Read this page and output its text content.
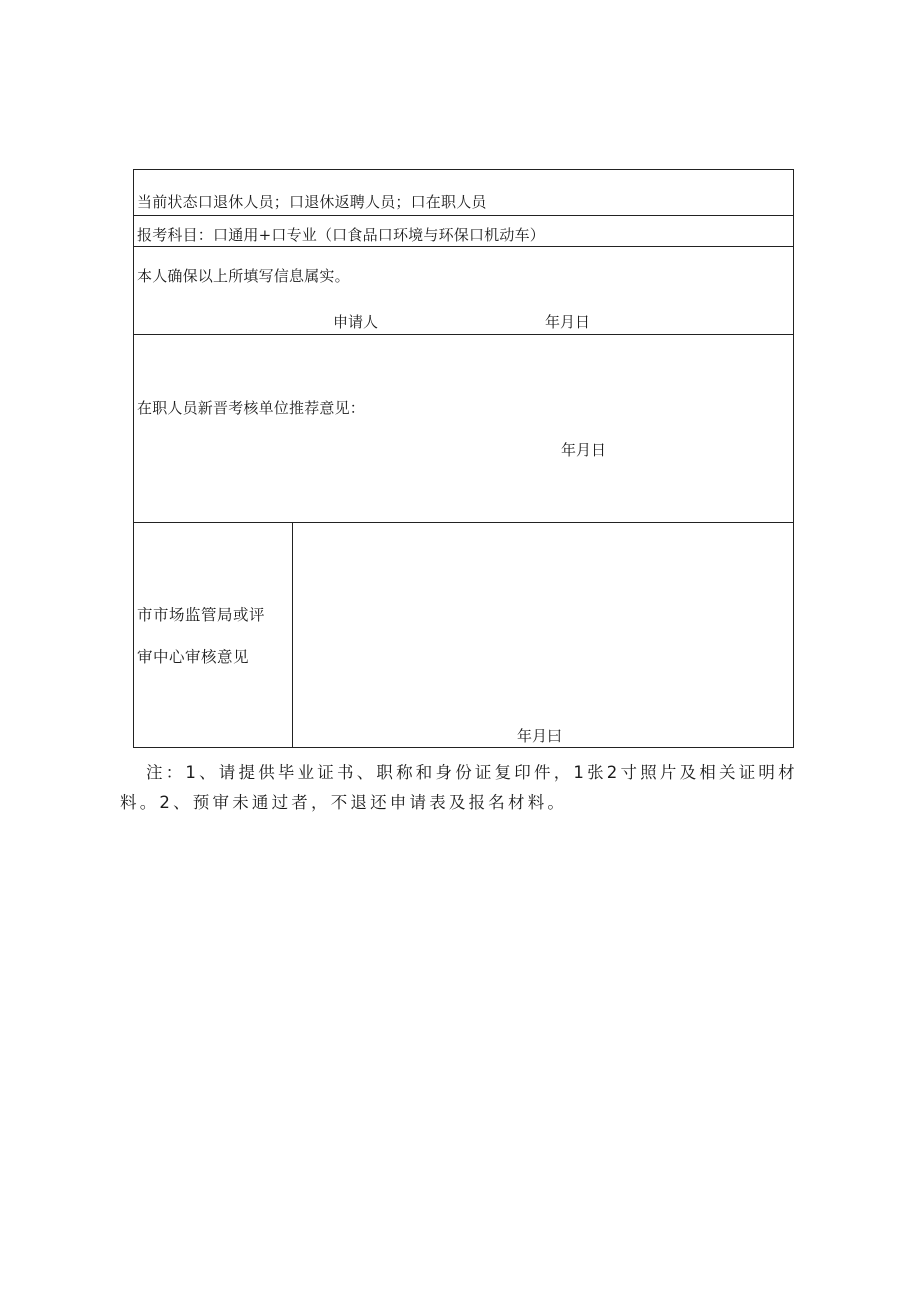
当前状态口退休人员；口退休返聘人员；口在职人员
报考科目：口通用+口专业（口食品口环境与环保口机动车）
本人确保以上所填写信息属实。
申请人	年月日
在职人员新晋考核单位推荐意见：
年月日
市市场监管局或评
审中心审核意见
年月曰
注：1、请提供毕业证书、职称和身份证复印件，1张2寸照片及相关证明材
料。2、预审未通过者，不退还申请表及报名材料。
